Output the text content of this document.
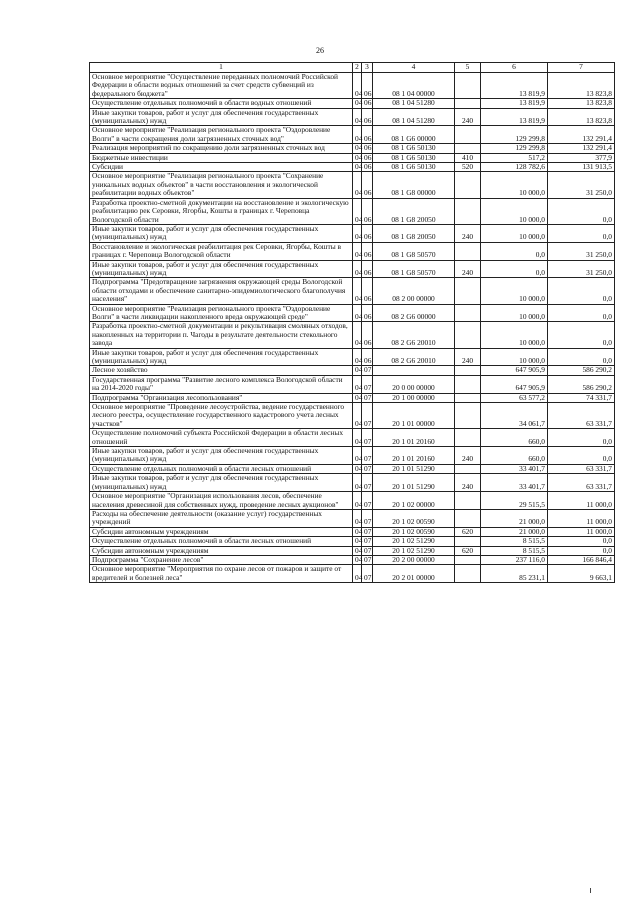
26
1	2	3	4	5	6	7
Основное мероприятие "Осуществление переданных полномочий Российской Федерации в области водных отношений за счет средств субвенций из федерального бюджета"	04	06	08 1 04 00000		13 819,9	13 823,8
Осуществление отдельных полномочий в области водных отношений	04	06	08 1 04 51280		13 819,9	13 823,8
Иные закупки товаров, работ и услуг для обеспечения государственных (муниципальных) нужд	04	06	08 1 04 51280	240	13 819,9	13 823,8
Основное мероприятие "Реализация регионального проекта "Оздоровление Волги" в части сокращения доли загрязненных сточных вод"	04	06	08 1 G6 00000		129 299,8	132 291,4
Реализация мероприятий по сокращению доли загрязненных сточных вод	04	06	08 1 G6 50130		129 299,8	132 291,4
Бюджетные инвестиции	04	06	08 1 G6 50130	410	517,2	377,9
Субсидии	04	06	08 1 G6 50130	520	128 782,6	131 913,5
Основное мероприятие "Реализация регионального проекта "Сохранение уникальных водных объектов" в части восстановления и экологической реабилитации водных объектов"	04	06	08 1 G8 00000		10 000,0	31 250,0
Разработка проектно-сметной документации на восстановление и экологическую реабилитацию рек Серовки, Ягорбы, Кошты в границах г. Череповца Вологодской области	04	06	08 1 G8 20050		10 000,0	0,0
Иные закупки товаров, работ и услуг для обеспечения государственных (муниципальных) нужд	04	06	08 1 G8 20050	240	10 000,0	0,0
Восстановление и экологическая реабилитация рек Серовки, Ягорбы, Кошты в границах г. Череповца Вологодской области	04	06	08 1 G8 50570		0,0	31 250,0
Иные закупки товаров, работ и услуг для обеспечения государственных (муниципальных) нужд	04	06	08 1 G8 50570	240	0,0	31 250,0
Подпрограмма "Предотвращение загрязнения окружающей среды Вологодской области отходами и обеспечение санитарно-эпидемиологического благополучия населения"	04	06	08 2 00 00000		10 000,0	0,0
Основное мероприятие "Реализация регионального проекта "Оздоровление Волги" в части ликвидации накопленного вреда окружающей среде"	04	06	08 2 G6 00000		10 000,0	0,0
Разработка проектно-сметной документации и рекультивация смоляных отходов, накопленных на территории п. Чагоды в результате деятельности стекольного завода	04	06	08 2 G6 20010		10 000,0	0,0
Иные закупки товаров, работ и услуг для обеспечения государственных (муниципальных) нужд	04	06	08 2 G6 20010	240	10 000,0	0,0
Лесное хозяйство	04	07			647 905,9	586 290,2
Государственная программа "Развитие лесного комплекса Вологодской области на 2014-2020 годы"	04	07	20 0 00 00000		647 905,9	586 290,2
Подпрограмма "Организация лесопользования"	04	07	20 1 00 00000		63 577,2	74 331,7
Основное мероприятие "Проведение лесоустройства, ведение государственного лесного реестра, осуществление государственного кадастрового учета лесных участков"	04	07	20 1 01 00000		34 061,7	63 331,7
Осуществление полномочий субъекта Российской Федерации в области лесных отношений	04	07	20 1 01 20160		660,0	0,0
Иные закупки товаров, работ и услуг для обеспечения государственных (муниципальных) нужд	04	07	20 1 01 20160	240	660,0	0,0
Осуществление отдельных полномочий в области лесных отношений	04	07	20 1 01 51290		33 401,7	63 331,7
Иные закупки товаров, работ и услуг для обеспечения государственных (муниципальных) нужд	04	07	20 1 01 51290	240	33 401,7	63 331,7
Основное мероприятие "Организация использования лесов, обеспечение населения древесиной для собственных нужд, проведение лесных аукционов"	04	07	20 1 02 00000		29 515,5	11 000,0
Расходы на обеспечение деятельности (оказание услуг) государственных учреждений	04	07	20 1 02 00590		21 000,0	11 000,0
Субсидии автономным учреждениям	04	07	20 1 02 00590	620	21 000,0	11 000,0
Осуществление отдельных полномочий в области лесных отношений	04	07	20 1 02 51290		8 515,5	0,0
Субсидии автономным учреждениям	04	07	20 1 02 51290	620	8 515,5	0,0
Подпрограмма "Сохранение лесов"	04	07	20 2 00 00000		237 116,0	166 846,4
Основное мероприятие "Мероприятия по охране лесов от пожаров и защите от вредителей и болезней леса"	04	07	20 2 01 00000		85 231,1	9 663,1
